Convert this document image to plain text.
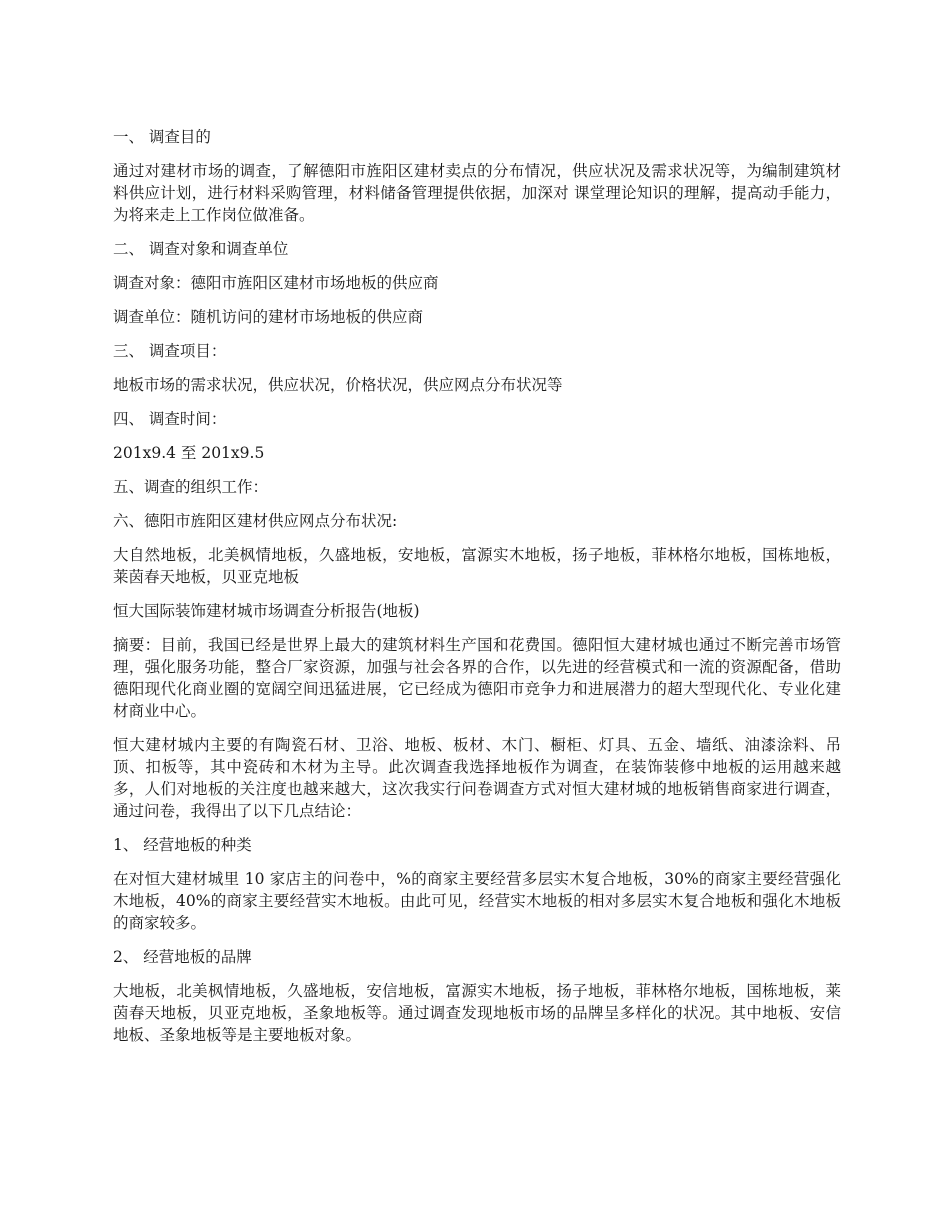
一、 调查目的

通过对建材市场的调查，了解德阳市旌阳区建材卖点的分布情况，供应状况及需求状况等，为编制建筑材料供应计划，进行材料采购管理，材料储备管理提供依据，加深对 课堂理论知识的理解，提高动手能力，为将来走上工作岗位做准备。

二、 调查对象和调查单位

调查对象：德阳市旌阳区建材市场地板的供应商

调查单位：随机访问的建材市场地板的供应商

三、 调查项目：

地板市场的需求状况，供应状况，价格状况，供应网点分布状况等

四、 调查时间：

201x9.4 至 201x9.5

五、调查的组织工作：

六、德阳市旌阳区建材供应网点分布状况:

大自然地板，北美枫情地板，久盛地板，安地板，富源实木地板，扬子地板，菲林格尔地板，国栋地板，莱茵春天地板，贝亚克地板

恒大国际装饰建材城市场调查分析报告(地板)

摘要：目前，我国已经是世界上最大的建筑材料生产国和花费国。德阳恒大建材城也通过不断完善市场管理，强化服务功能，整合厂家资源，加强与社会各界的合作，以先进的经营模式和一流的资源配备，借助德阳现代化商业圈的宽阔空间迅猛进展，它已经成为德阳市竞争力和进展潜力的超大型现代化、专业化建材商业中心。

恒大建材城内主要的有陶瓷石材、卫浴、地板、板材、木门、橱柜、灯具、五金、墙纸、油漆涂料、吊顶、扣板等，其中瓷砖和木材为主导。此次调查我选择地板作为调查，在装饰装修中地板的运用越来越多，人们对地板的关注度也越来越大，这次我实行问卷调查方式对恒大建材城的地板销售商家进行调查，通过问卷，我得出了以下几点结论：

1、 经营地板的种类

在对恒大建材城里 10 家店主的问卷中，%的商家主要经营多层实木复合地板，30%的商家主要经营强化木地板，40%的商家主要经营实木地板。由此可见，经营实木地板的相对多层实木复合地板和强化木地板的商家较多。

2、 经营地板的品牌

大地板，北美枫情地板，久盛地板，安信地板，富源实木地板，扬子地板，菲林格尔地板，国栋地板，莱茵春天地板，贝亚克地板，圣象地板等。通过调查发现地板市场的品牌呈多样化的状况。其中地板、安信地板、圣象地板等是主要地板对象。
